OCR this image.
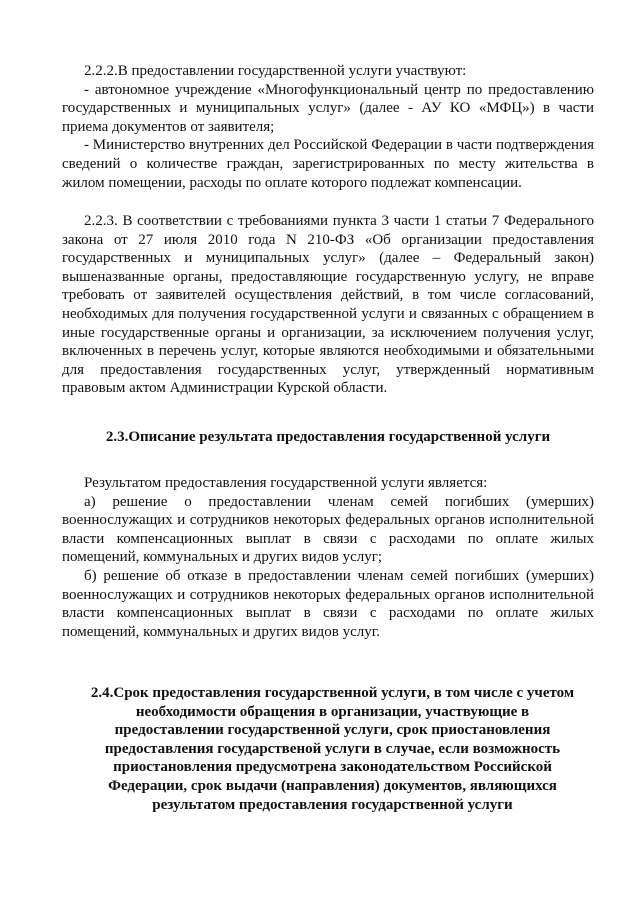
2.2.2.В предоставлении государственной услуги участвуют:

- автономное учреждение «Многофункциональный центр по предоставлению государственных и муниципальных услуг» (далее - АУ КО «МФЦ») в части приема документов от заявителя;

- Министерство внутренних дел Российской Федерации в части подтверждения сведений о количестве граждан, зарегистрированных по месту жительства в жилом помещении, расходы по оплате которого подлежат компенсации.

2.2.3. В соответствии с требованиями пункта 3 части 1 статьи 7 Федерального закона от 27 июля 2010 года N 210-ФЗ «Об организации предоставления государственных и муниципальных услуг» (далее – Федеральный закон) вышеназванные органы, предоставляющие государственную услугу, не вправе требовать от заявителей осуществления действий, в том числе согласований, необходимых для получения государственной услуги и связанных с обращением в иные государственные органы и организации, за исключением получения услуг, включенных в перечень услуг, которые являются необходимыми и обязательными для предоставления государственных услуг, утвержденный нормативным правовым актом Администрации Курской области.

2.3.Описание результата предоставления государственной услуги

Результатом предоставления государственной услуги является:

а) решение о предоставлении членам семей погибших (умерших) военнослужащих и сотрудников некоторых федеральных органов исполнительной власти компенсационных выплат в связи с расходами по оплате жилых помещений, коммунальных и других видов услуг;

б) решение об отказе в предоставлении членам семей погибших (умерших) военнослужащих и сотрудников некоторых федеральных органов исполнительной власти компенсационных выплат в связи с расходами по оплате жилых помещений, коммунальных и других видов услуг.

2.4.Срок предоставления государственной услуги, в том числе с учетом необходимости обращения в организации, участвующие в предоставлении государственной услуги, срок приостановления предоставления государственой услуги в случае, если возможность приостановления предусмотрена законодательством Российской Федерации, срок выдачи (направления) документов, являющихся результатом предоставления государственной услуги
